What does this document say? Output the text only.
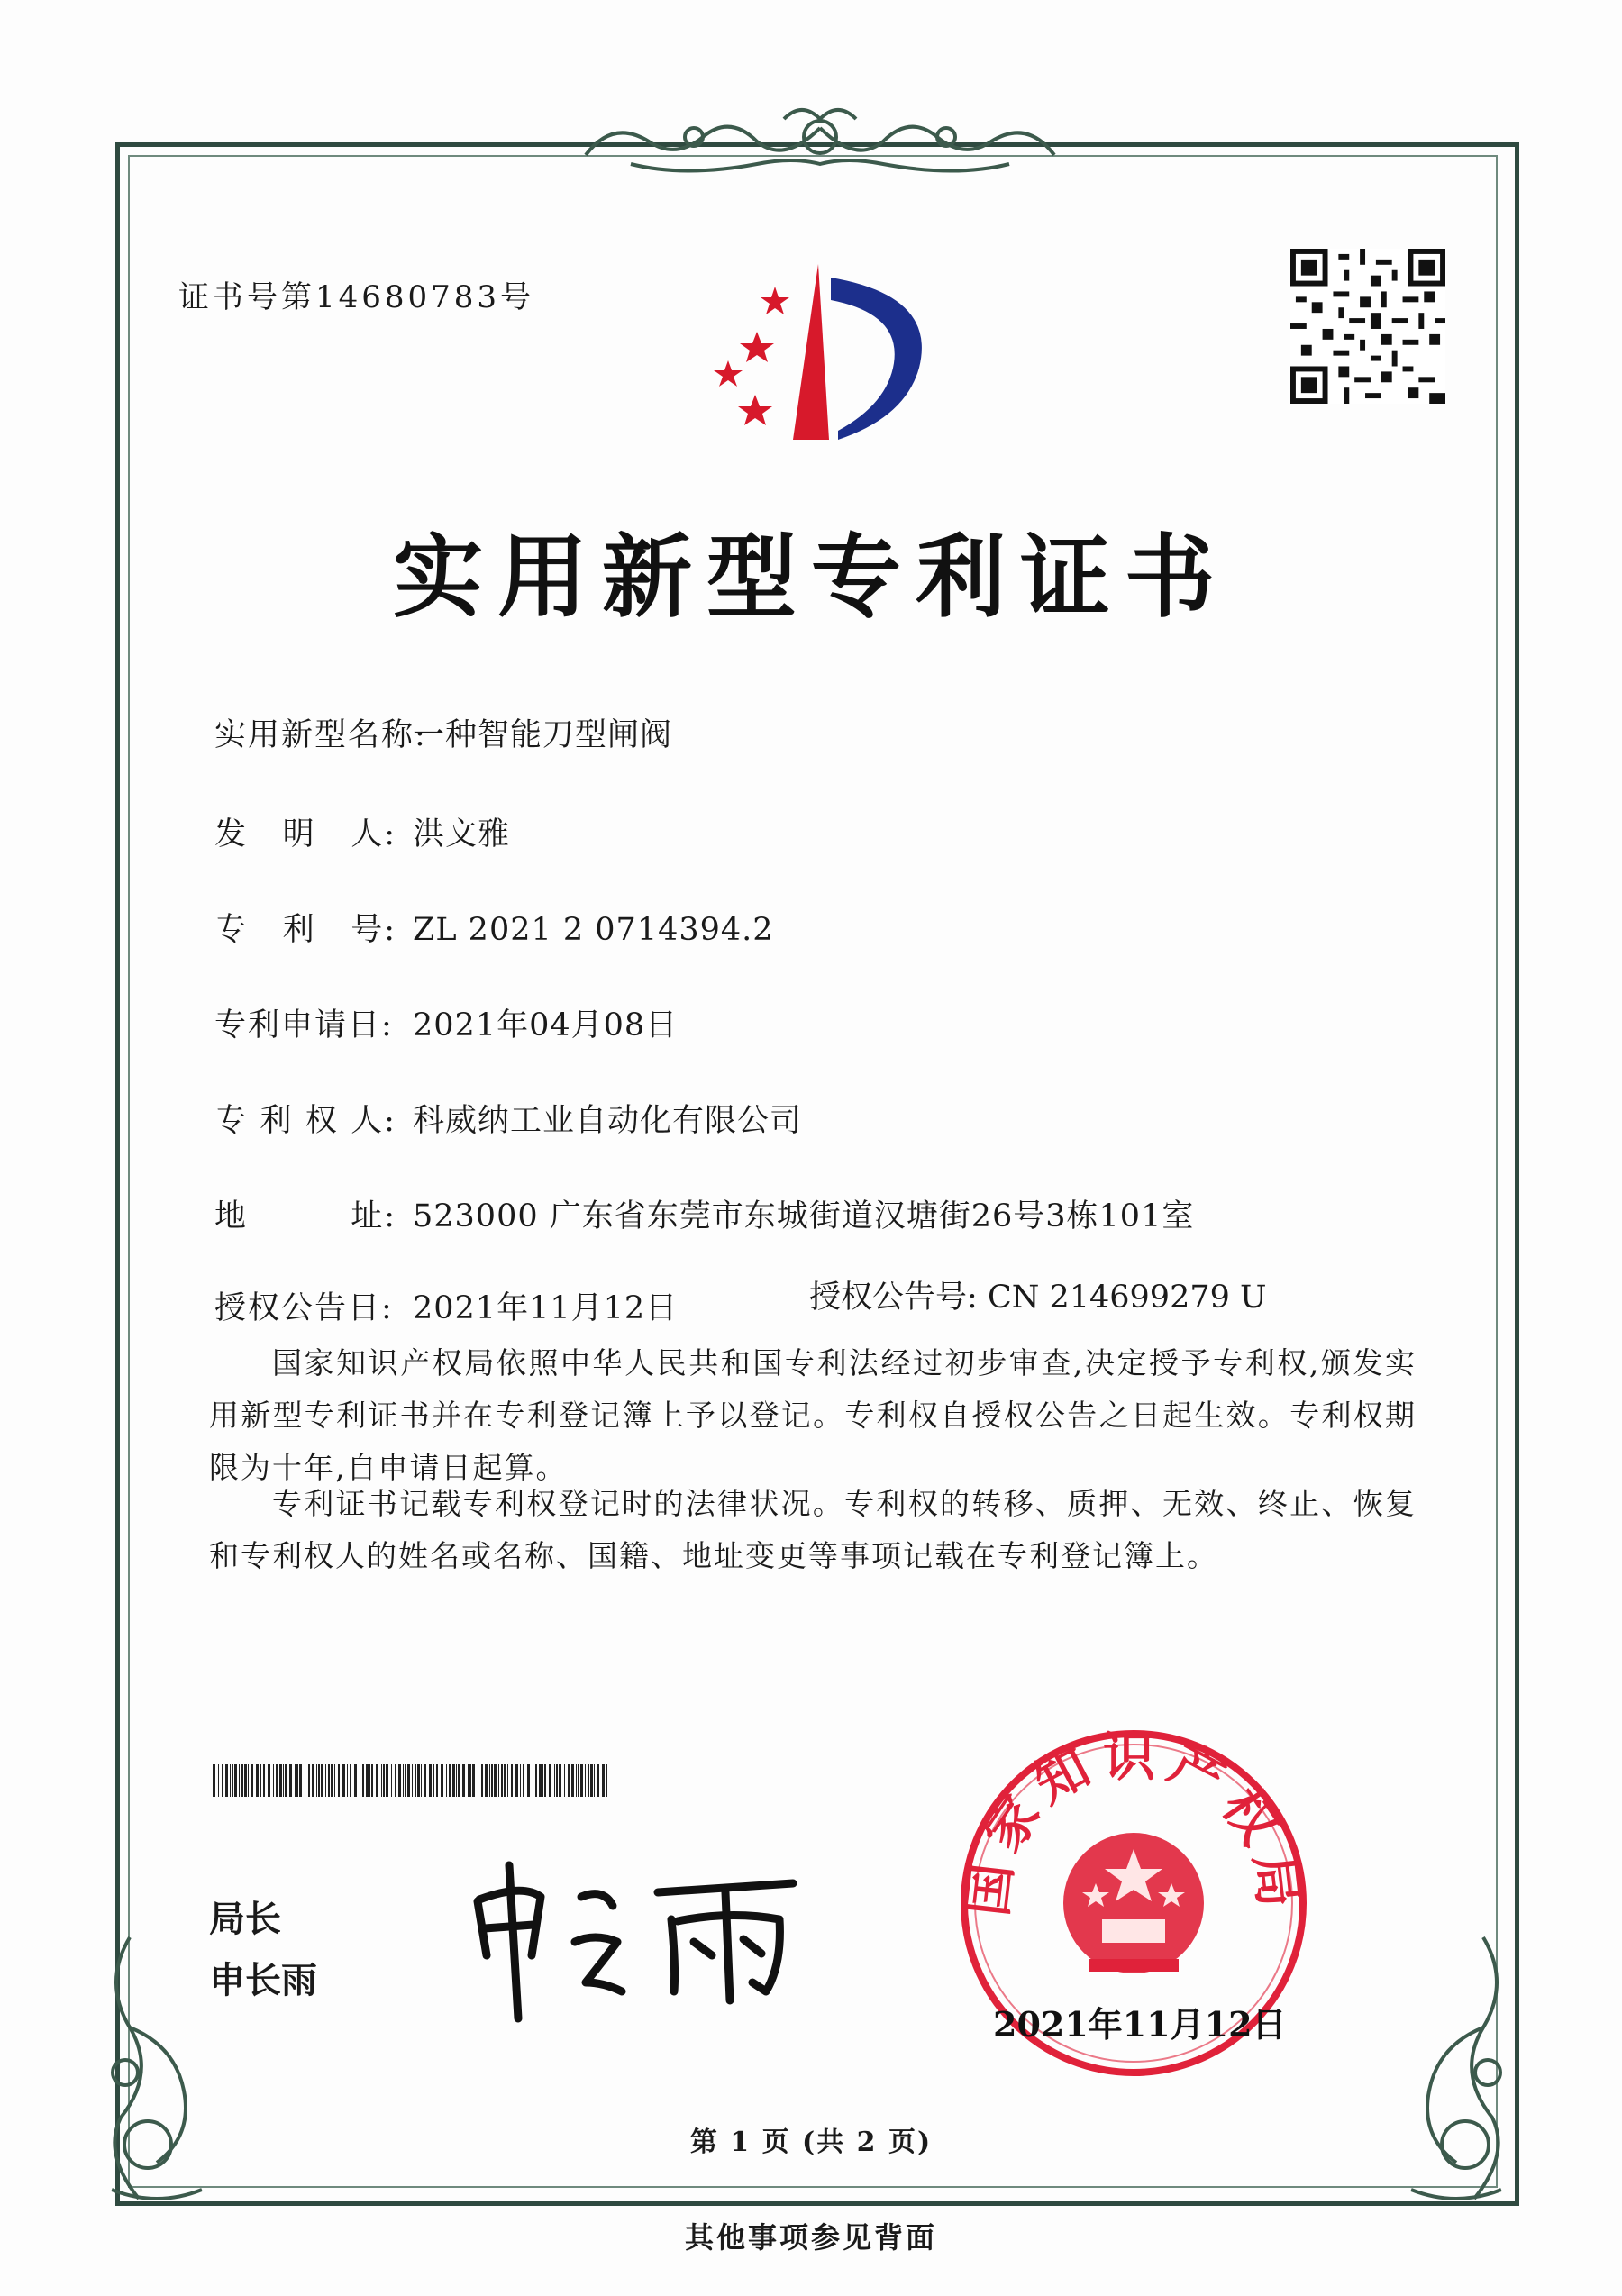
证书号第14680783号
实用新型专利证书
实用新型名称:
一种智能刀型闸阀
发 明 人: 洪文雅
专 利 号: ZL 2021 2 0714394.2
专利申请日: 2021年04月08日
专 利 权 人: 科威纳工业自动化有限公司
地	址: 523000 广东省东莞市东城街道汉塘街26号3栋101室
授权公告日: 2021年11月12日	授权公告号: CN 214699279 U
国家知识产权局依照中华人民共和国专利法经过初步审查,决定授予专利权,颁发实用新型专利证书并在专利登记簿上予以登记。专利权自授权公告之日起生效。专利权期限为十年,自申请日起算。
专利证书记载专利权登记时的法律状况。专利权的转移、质押、无效、终止、恢复和专利权人的姓名或名称、国籍、地址变更等事项记载在专利登记簿上。
局长
申长雨
国家知识产权局
2021年11月12日
第 1 页 (共 2 页)
其他事项参见背面
